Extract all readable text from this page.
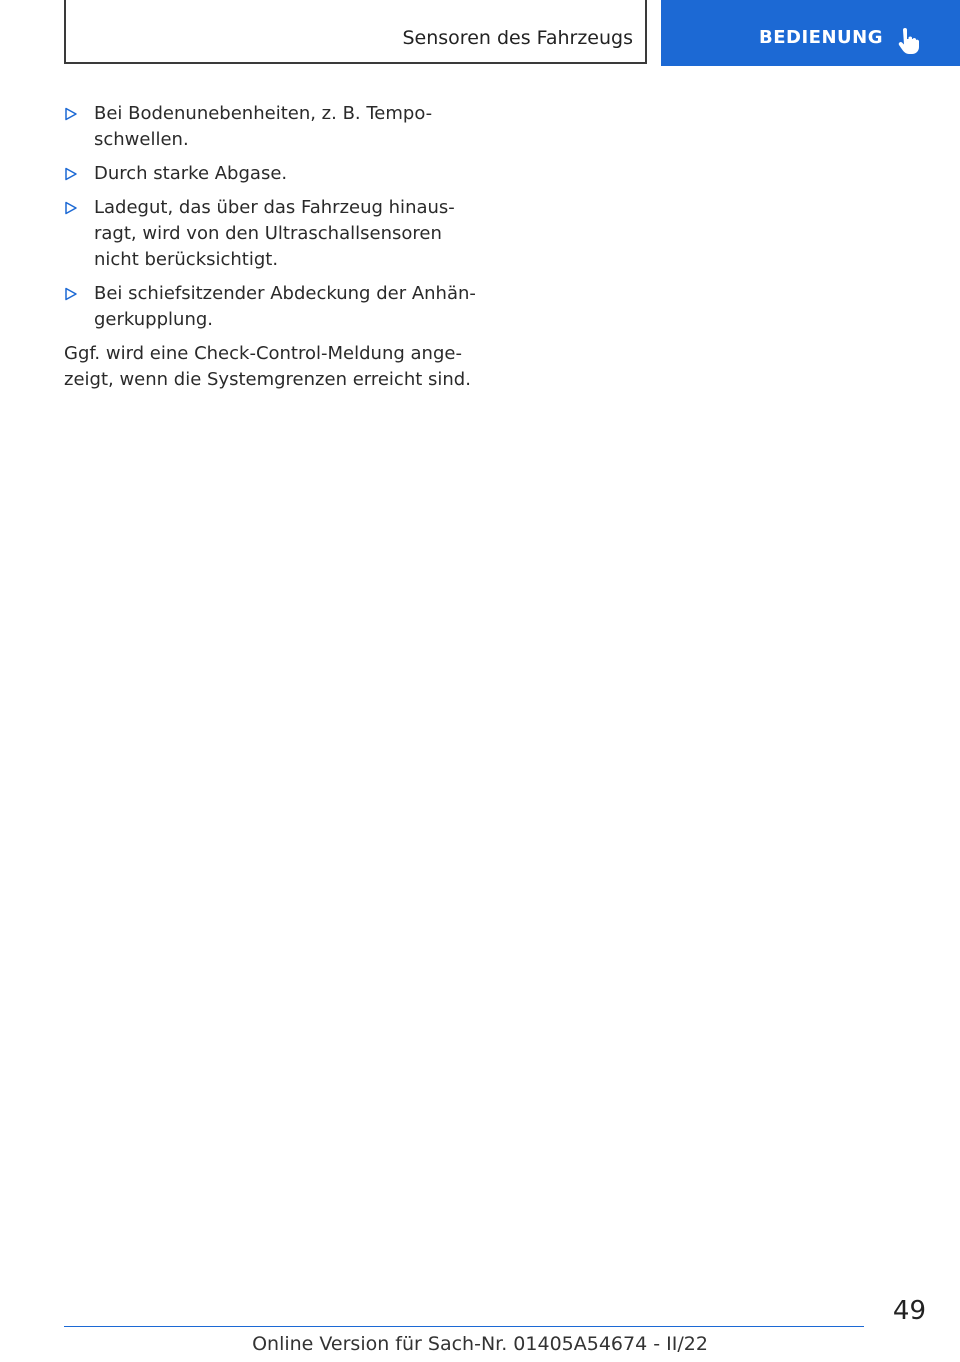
Sensoren des Fahrzeugs	BEDIENUNG
Bei Bodenunebenheiten, z. B. Tempo-schwellen.
Durch starke Abgase.
Ladegut, das über das Fahrzeug hinaus-ragt, wird von den Ultraschallsensoren nicht berücksichtigt.
Bei schiefsitzender Abdeckung der Anhän-gerkupplung.

Ggf. wird eine Check-Control-Meldung ange-zeigt, wenn die Systemgrenzen erreicht sind.

49
Online Version für Sach-Nr. 01405A54674 - II/22
